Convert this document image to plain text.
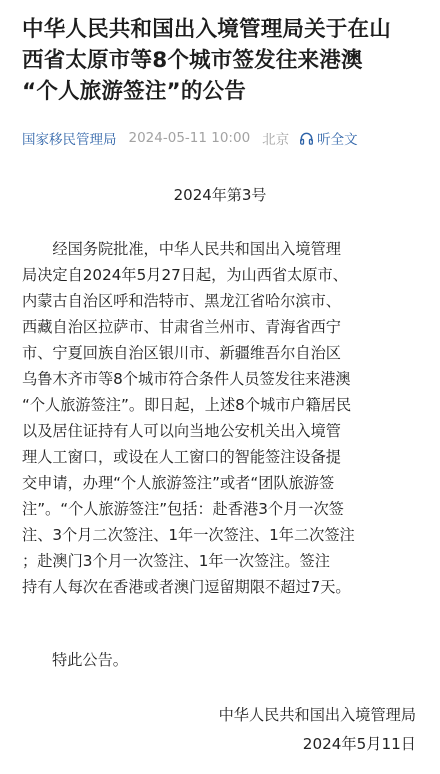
中华人民共和国出入境管理局关于在山
西省太原市等8个城市签发往来港澳
“个人旅游签注”的公告
国家移民管理局 2024-05-11 10:00 北京 听全文
2024年第3号
　　经国务院批准，中华人民共和国出入境管理
局决定自2024年5月27日起，为山西省太原市、
内蒙古自治区呼和浩特市、黑龙江省哈尔滨市、
西藏自治区拉萨市、甘肃省兰州市、青海省西宁
市、宁夏回族自治区银川市、新疆维吾尔自治区
乌鲁木齐市等8个城市符合条件人员签发往来港澳
“个人旅游签注”。即日起，上述8个城市户籍居民
以及居住证持有人可以向当地公安机关出入境管
理人工窗口，或设在人工窗口的智能签注设备提
交申请，办理“个人旅游签注”或者“团队旅游签
注”。“个人旅游签注”包括：赴香港3个月一次签
注、3个月二次签注、1年一次签注、1年二次签注
；赴澳门3个月一次签注、1年一次签注。签注
持有人每次在香港或者澳门逗留期限不超过7天。
特此公告。
中华人民共和国出入境管理局
2024年5月11日
